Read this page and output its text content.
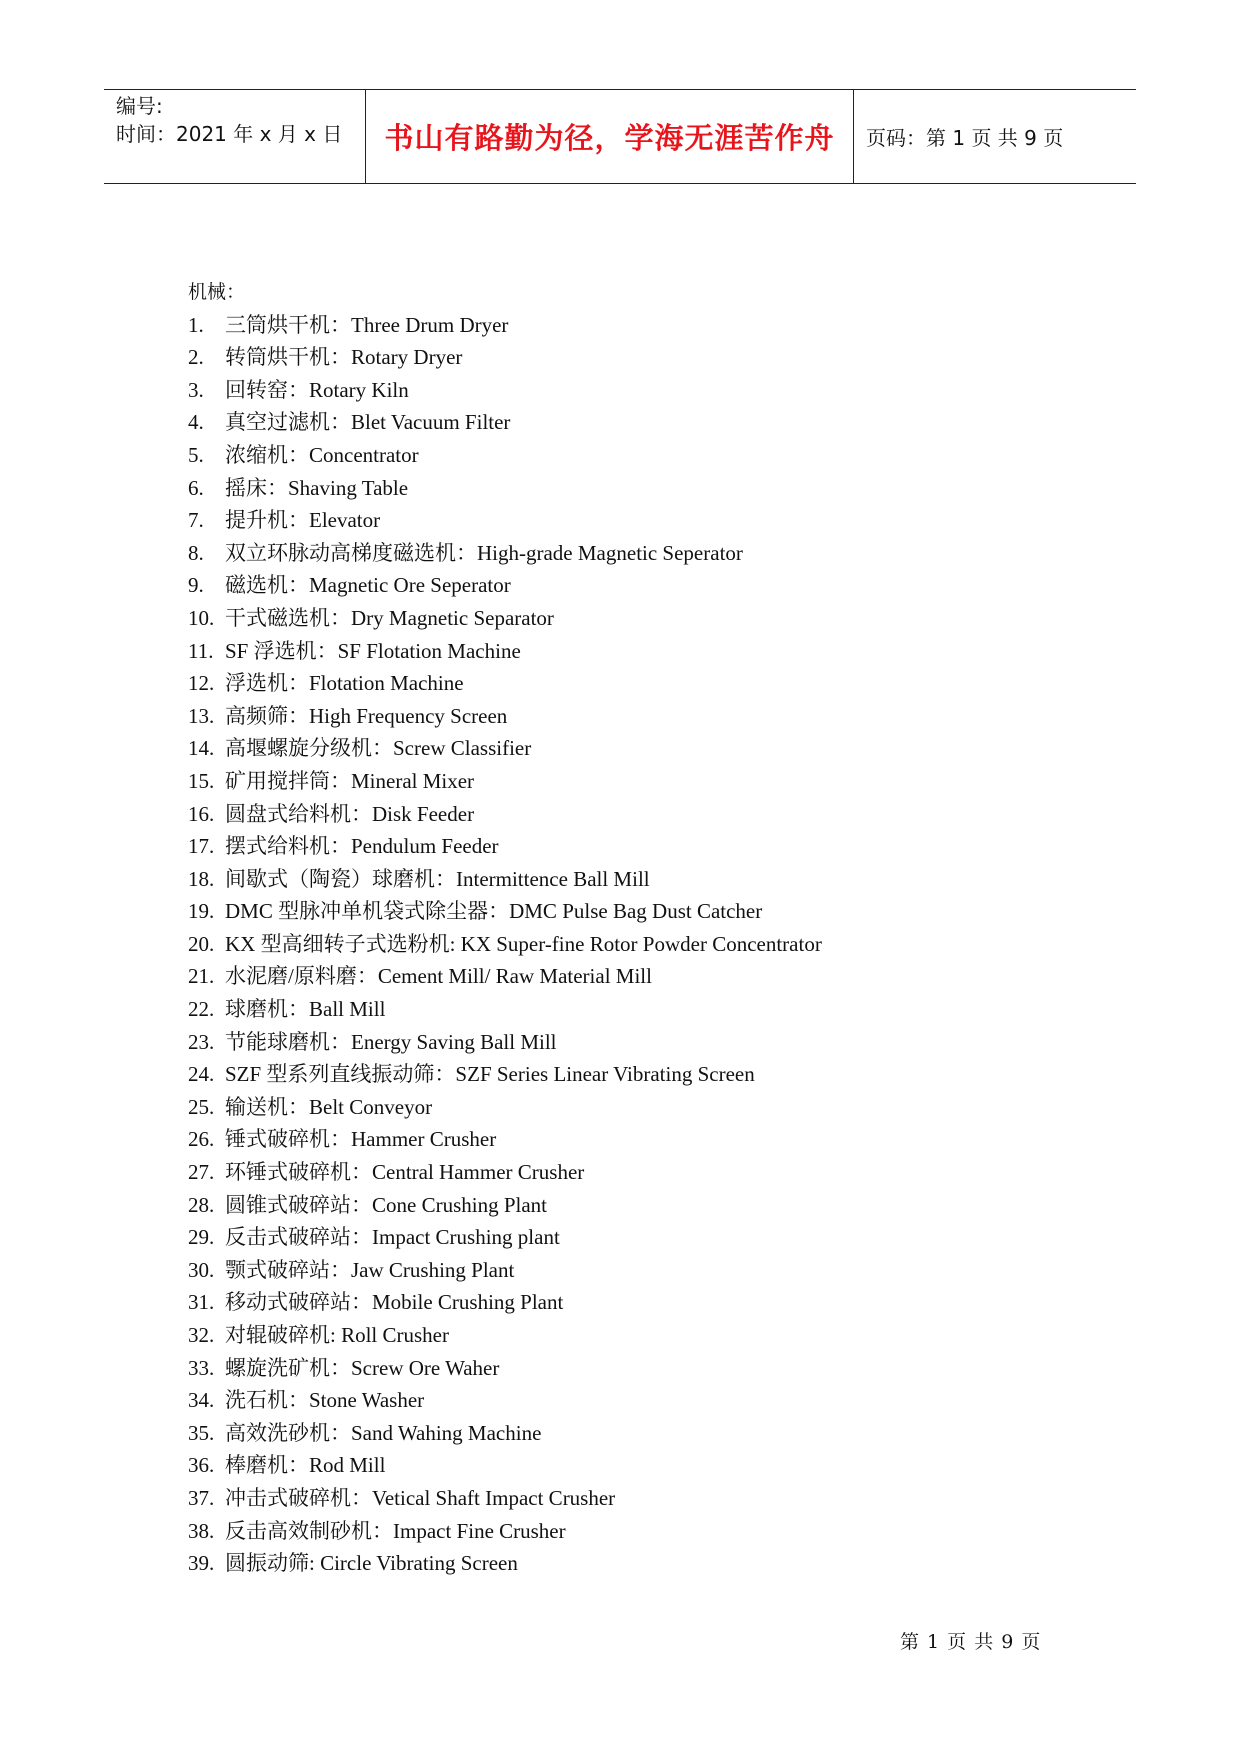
编号:
时间：2021 年 x 月 x 日	书山有路勤为径，学海无涯苦作舟	页码：第 1 页 共 9 页
机械：
1. 三筒烘干机：Three Drum Dryer
2. 转筒烘干机：Rotary Dryer
3. 回转窑：Rotary Kiln
4. 真空过滤机：Blet Vacuum Filter
5. 浓缩机：Concentrator
6. 摇床：Shaving Table
7. 提升机：Elevator
8. 双立环脉动高梯度磁选机：High-grade Magnetic Seperator
9. 磁选机：Magnetic Ore Seperator
10. 干式磁选机：Dry Magnetic Separator
11. SF 浮选机：SF Flotation Machine
12. 浮选机：Flotation Machine
13. 高频筛：High Frequency Screen
14. 高堰螺旋分级机：Screw Classifier
15. 矿用搅拌筒：Mineral Mixer
16. 圆盘式给料机：Disk Feeder
17. 摆式给料机：Pendulum Feeder
18. 间歇式（陶瓷）球磨机：Intermittence Ball Mill
19. DMC 型脉冲单机袋式除尘器：DMC Pulse Bag Dust Catcher
20. KX 型高细转子式选粉机: KX Super-fine Rotor Powder Concentrator
21. 水泥磨/原料磨：Cement Mill/ Raw Material Mill
22. 球磨机：Ball Mill
23. 节能球磨机：Energy Saving Ball Mill
24. SZF 型系列直线振动筛：SZF Series Linear Vibrating Screen
25. 输送机：Belt Conveyor
26. 锤式破碎机：Hammer Crusher
27. 环锤式破碎机：Central Hammer Crusher
28. 圆锥式破碎站：Cone Crushing Plant
29. 反击式破碎站：Impact Crushing plant
30. 颚式破碎站：Jaw Crushing Plant
31. 移动式破碎站：Mobile Crushing Plant
32. 对辊破碎机: Roll Crusher
33. 螺旋洗矿机：Screw Ore Waher
34. 洗石机：Stone Washer
35. 高效洗砂机：Sand Wahing Machine
36. 棒磨机：Rod Mill
37. 冲击式破碎机：Vetical Shaft Impact Crusher
38. 反击高效制砂机：Impact Fine Crusher
39. 圆振动筛: Circle Vibrating Screen
第 1 页 共 9 页
